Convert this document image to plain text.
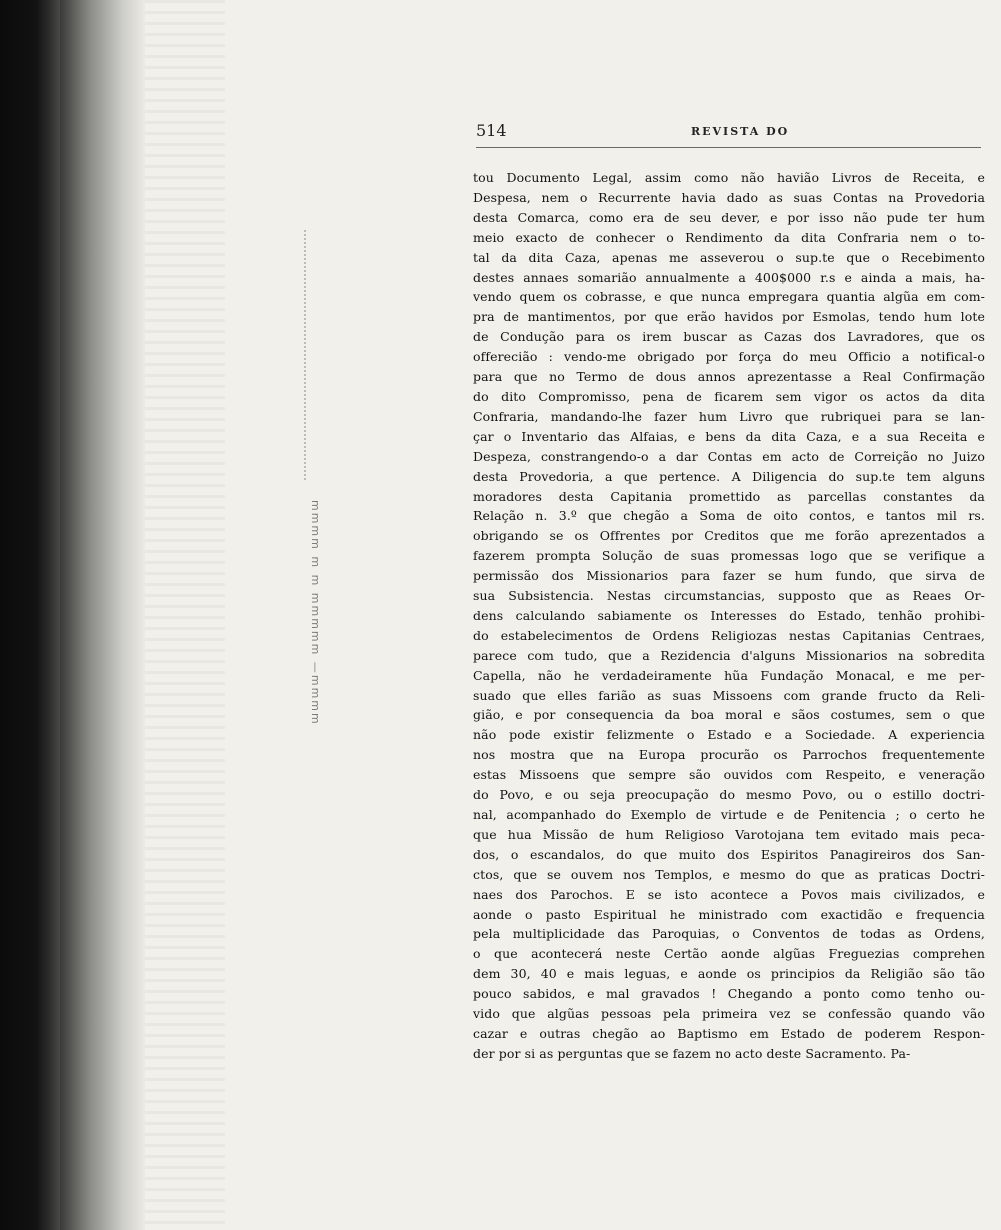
mmmm m m mmmmm —mmmm
514	REVISTA DO
tou Documento Legal, assim como não havião Livros de Receita, e
Despesa, nem o Recurrente havia dado as suas Contas na Provedoria
desta Comarca, como era de seu dever, e por isso não pude ter hum
meio exacto de conhecer o Rendimento da dita Confraria nem o to-
tal da dita Caza, apenas me asseverou o sup.te que o Recebimento
destes annaes somarião annualmente a 400$000 r.s e ainda a mais, ha-
vendo quem os cobrasse, e que nunca empregara quantia algũa em com-
pra de mantimentos, por que erão havidos por Esmolas, tendo hum lote
de Condução para os irem buscar as Cazas dos Lavradores, que os
offerecião : vendo-me obrigado por força do meu Officio a notifical-o
para que no Termo de dous annos aprezentasse a Real Confirmação
do dito Compromisso, pena de ficarem sem vigor os actos da dita
Confraria, mandando-lhe fazer hum Livro que rubriquei para se lan-
çar o Inventario das Alfaias, e bens da dita Caza, e a sua Receita e
Despeza, constrangendo-o a dar Contas em acto de Correição no Juizo
desta Provedoria, a que pertence. A Diligencia do sup.te tem alguns
moradores desta Capitania promettido as parcellas constantes da
Relação n. 3.º que chegão a Soma de oito contos, e tantos mil rs.
obrigando se os Offrentes por Creditos que me forão aprezentados a
fazerem prompta Solução de suas promessas logo que se verifique a
permissão dos Missionarios para fazer se hum fundo, que sirva de
sua Subsistencia. Nestas circumstancias, supposto que as Reaes Or-
dens calculando sabiamente os Interesses do Estado, tenhão prohibi-
do estabelecimentos de Ordens Religiozas nestas Capitanias Centraes,
parece com tudo, que a Rezidencia d'alguns Missionarios na sobredita
Capella, não he verdadeiramente hũa Fundação Monacal, e me per-
suado que elles farião as suas Missoens com grande fructo da Reli-
gião, e por consequencia da boa moral e sãos costumes, sem o que
não pode existir felizmente o Estado e a Sociedade. A experiencia
nos mostra que na Europa procurão os Parrochos frequentemente
estas Missoens que sempre são ouvidos com Respeito, e veneração
do Povo, e ou seja preocupação do mesmo Povo, ou o estillo doctri-
nal, acompanhado do Exemplo de virtude e de Penitencia ; o certo he
que hua Missão de hum Religioso Varotojana tem evitado mais peca-
dos, o escandalos, do que muito dos Espiritos Panagireiros dos San-
ctos, que se ouvem nos Templos, e mesmo do que as praticas Doctri-
naes dos Parochos. E se isto acontece a Povos mais civilizados, e
aonde o pasto Espiritual he ministrado com exactidão e frequencia
pela multiplicidade das Paroquias, o Conventos de todas as Ordens,
o que acontecerá neste Certão aonde algũas Freguezias comprehen
dem 30, 40 e mais leguas, e aonde os principios da Religião são tão
pouco sabidos, e mal gravados ! Chegando a ponto como tenho ou-
vido que algũas pessoas pela primeira vez se confessão quando vão
cazar e outras chegão ao Baptismo em Estado de poderem Respon-
der por si as perguntas que se fazem no acto deste Sacramento. Pa-
